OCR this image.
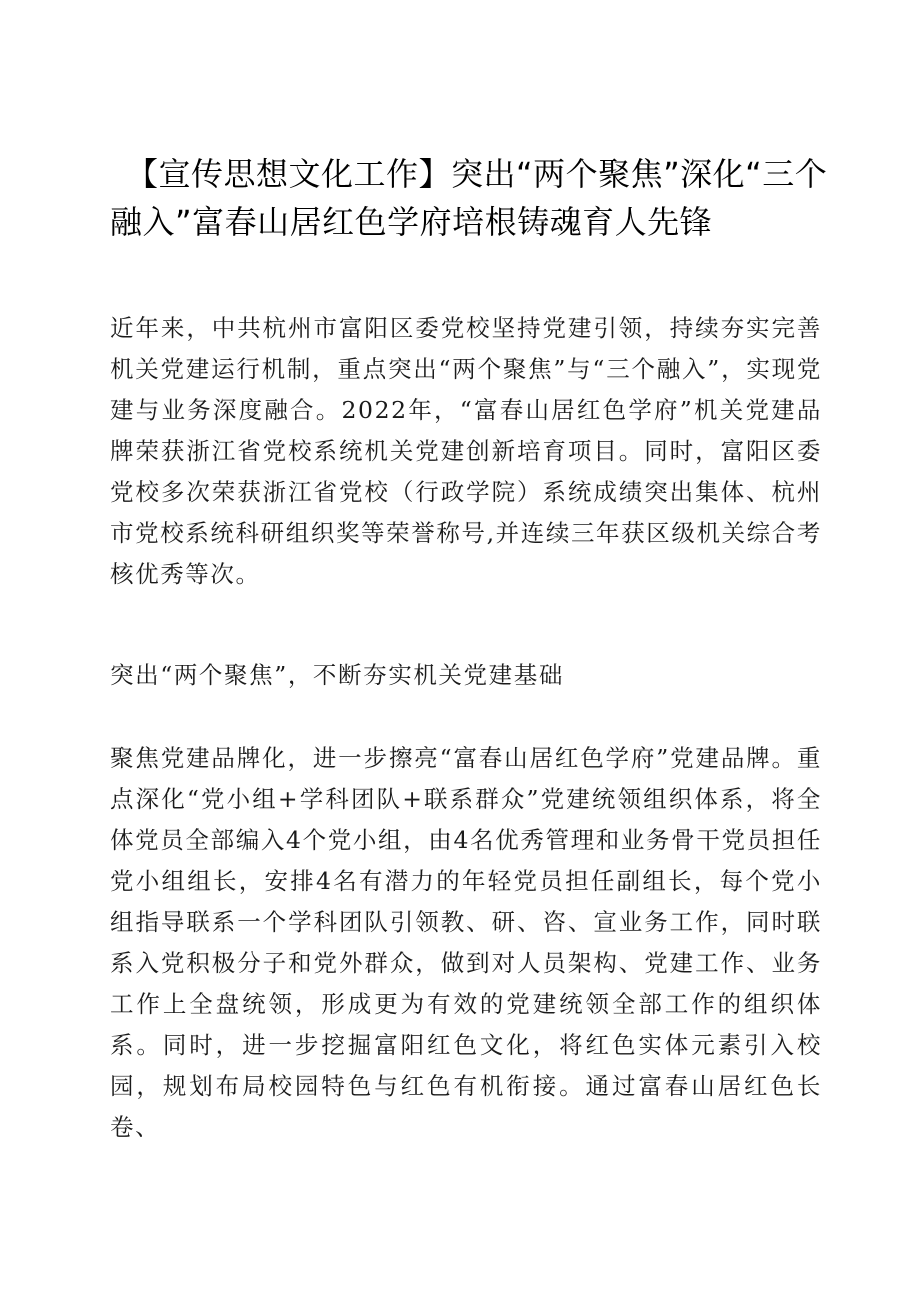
【宣传思想文化工作】突出“两个聚焦”深化“三个融入”富春山居红色学府培根铸魂育人先锋

近年来，中共杭州市富阳区委党校坚持党建引领，持续夯实完善机关党建运行机制，重点突出“两个聚焦”与“三个融入”，实现党建与业务深度融合。2022年，“富春山居红色学府”机关党建品牌荣获浙江省党校系统机关党建创新培育项目。同时，富阳区委党校多次荣获浙江省党校（行政学院）系统成绩突出集体、杭州市党校系统科研组织奖等荣誉称号,并连续三年获区级机关综合考核优秀等次。

突出“两个聚焦”，不断夯实机关党建基础

聚焦党建品牌化，进一步擦亮“富春山居红色学府”党建品牌。重点深化“党小组+学科团队+联系群众”党建统领组织体系，将全体党员全部编入4个党小组，由4名优秀管理和业务骨干党员担任党小组组长，安排4名有潜力的年轻党员担任副组长，每个党小组指导联系一个学科团队引领教、研、咨、宣业务工作，同时联系入党积极分子和党外群众，做到对人员架构、党建工作、业务工作上全盘统领，形成更为有效的党建统领全部工作的组织体系。同时，进一步挖掘富阳红色文化，将红色实体元素引入校园，规划布局校园特色与红色有机衔接。通过富春山居红色长卷、
